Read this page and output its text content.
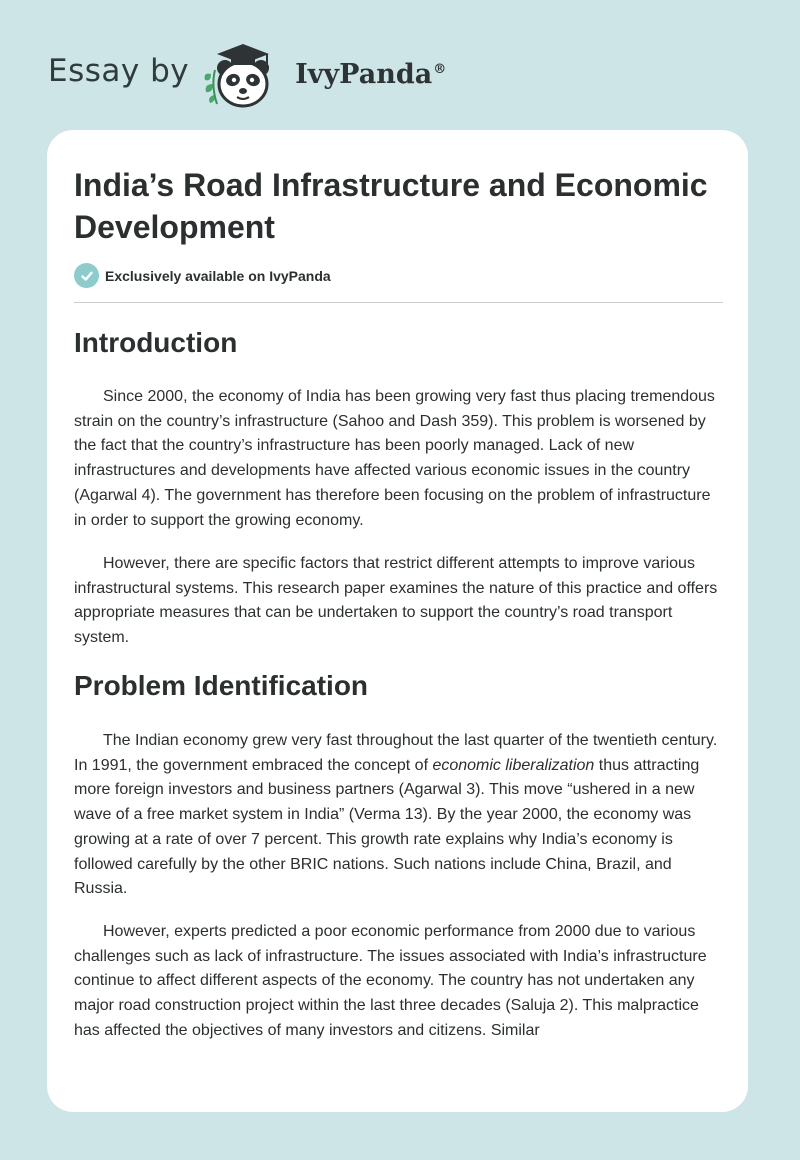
Essay by	IvyPanda®
India’s Road Infrastructure and Economic Development
Exclusively available on IvyPanda
Introduction

Since 2000, the economy of India has been growing very fast thus placing tremendous strain on the country’s infrastructure (Sahoo and Dash 359). This problem is worsened by the fact that the country’s infrastructure has been poorly managed. Lack of new infrastructures and developments have affected various economic issues in the country (Agarwal 4). The government has therefore been focusing on the problem of infrastructure in order to support the growing economy.

However, there are specific factors that restrict different attempts to improve various infrastructural systems. This research paper examines the nature of this practice and offers appropriate measures that can be undertaken to support the country’s road transport system.

Problem Identification

The Indian economy grew very fast throughout the last quarter of the twentieth century. In 1991, the government embraced the concept of economic liberalization thus attracting more foreign investors and business partners (Agarwal 3). This move “ushered in a new wave of a free market system in India” (Verma 13). By the year 2000, the economy was growing at a rate of over 7 percent. This growth rate explains why India’s economy is followed carefully by the other BRIC nations. Such nations include China, Brazil, and Russia.

However, experts predicted a poor economic performance from 2000 due to various challenges such as lack of infrastructure. The issues associated with India’s infrastructure continue to affect different aspects of the economy. The country has not undertaken any major road construction project within the last three decades (Saluja 2). This malpractice has affected the objectives of many investors and citizens. Similar
